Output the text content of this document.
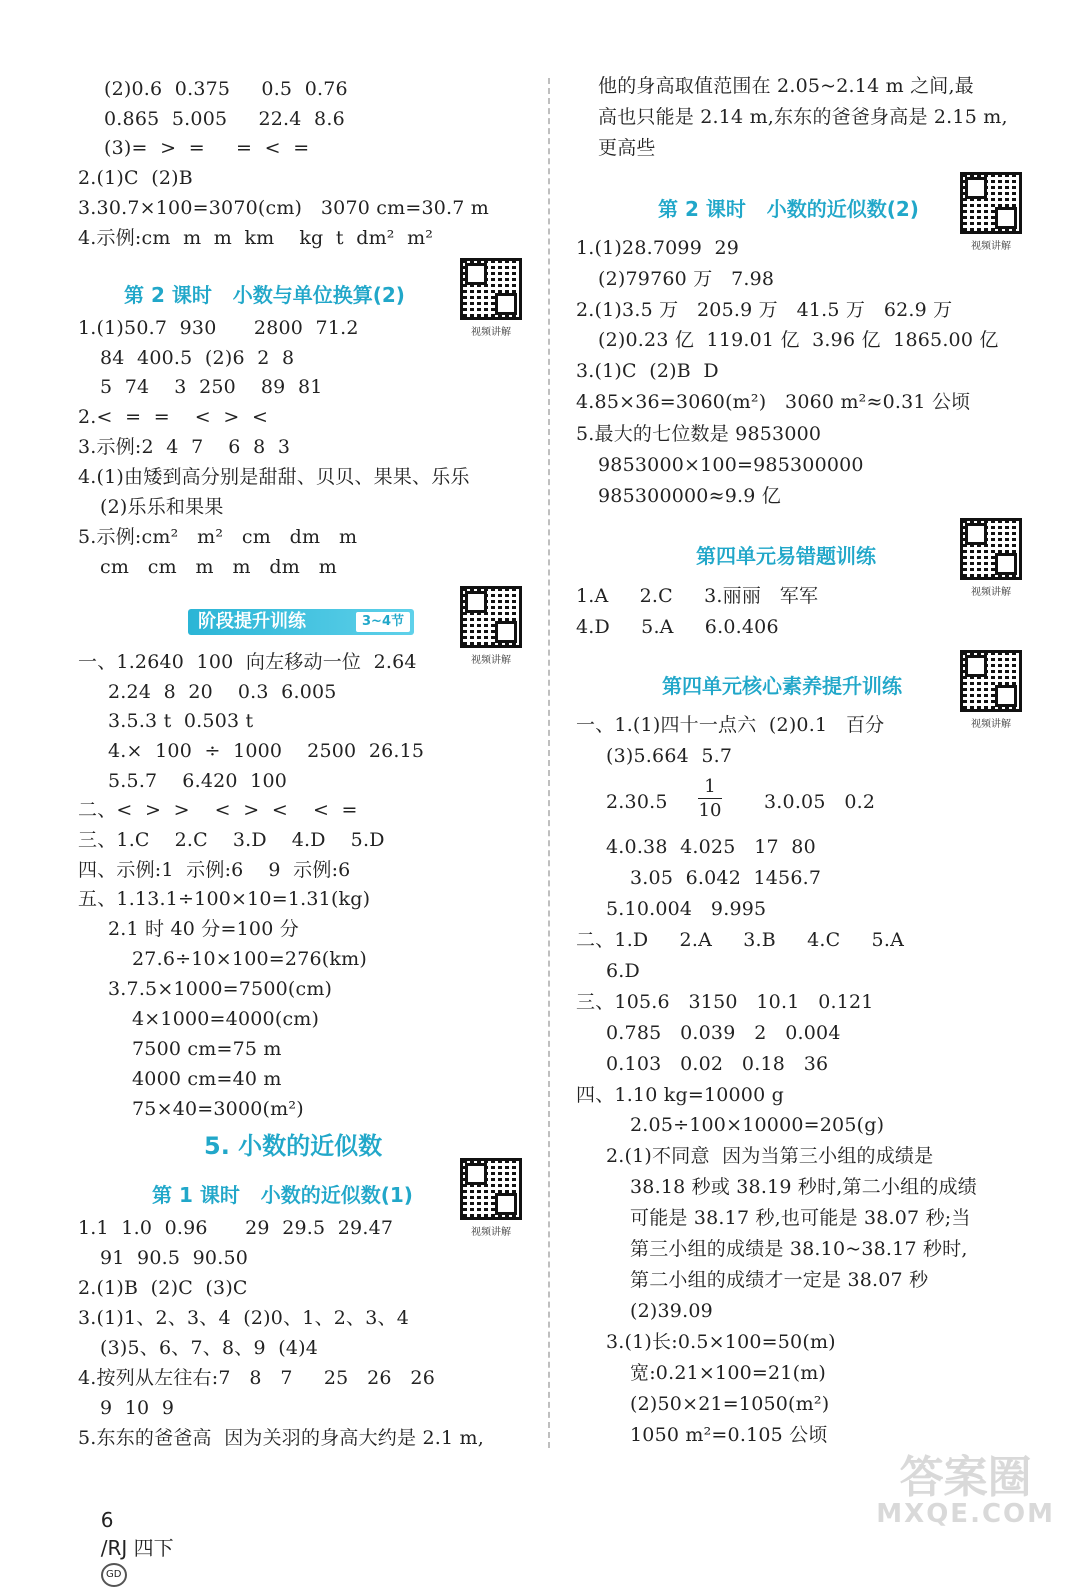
(2)0.6  0.375     0.5  0.76
0.865  5.005     22.4  8.6
(3)=  >  =     =  <  =
2.(1)C  (2)B
3.30.7×100=3070(cm)   3070 cm=30.7 m
4.示例:cm  m  m  km    kg  t  dm²  m²
第 2 课时   小数与单位换算(2)
视频讲解
1.(1)50.7  930      2800  71.2
84  400.5  (2)6  2  8
5  74    3  250    89  81
2.<  =  =    <  >  <
3.示例:2  4  7    6  8  3
4.(1)由矮到高分别是甜甜、贝贝、果果、乐乐
(2)乐乐和果果
5.示例:cm²   m²   cm   dm   m
cm   cm   m   m   dm   m
阶段提升训练	3~4节
视频讲解
一、1.2640  100  向左移动一位  2.64
2.24  8  20    0.3  6.005
3.5.3 t  0.503 t
4.×  100  ÷  1000    2500  26.15
5.5.7    6.420  100
二、<  >  >    <  >  <    <  =
三、1.C    2.C    3.D    4.D    5.D
四、示例:1  示例:6    9  示例:6
五、1.13.1÷100×10=1.31(kg)
2.1 时 40 分=100 分
27.6÷10×100=276(km)
3.7.5×1000=7500(cm)
4×1000=4000(cm)
7500 cm=75 m
4000 cm=40 m
75×40=3000(m²)
5. 小数的近似数
第 1 课时   小数的近似数(1)
视频讲解
1.1  1.0  0.96      29  29.5  29.47
91  90.5  90.50
2.(1)B  (2)C  (3)C
3.(1)1、2、3、4  (2)0、1、2、3、4
(3)5、6、7、8、9  (4)4
4.按列从左往右:7   8   7     25   26   26
9  10  9
5.东东的爸爸高  因为关羽的身高大约是 2.1 m,
他的身高取值范围在 2.05~2.14 m 之间,最
高也只能是 2.14 m,东东的爸爸身高是 2.15 m,
更高些
第 2 课时   小数的近似数(2)
视频讲解
1.(1)28.7099  29
(2)79760 万   7.98
2.(1)3.5 万   205.9 万   41.5 万   62.9 万
(2)0.23 亿  119.01 亿  3.96 亿  1865.00 亿
3.(1)C  (2)B  D
4.85×36=3060(m²)   3060 m²≈0.31 公顷
5.最大的七位数是 9853000
9853000×100=985300000
985300000≈9.9 亿
第四单元易错题训练
视频讲解
1.A     2.C     3.丽丽   军军
4.D     5.A     6.0.406
第四单元核心素养提升训练
视频讲解
一、1.(1)四十一点六  (2)0.1   百分
(3)5.664  5.7
2.30.5
1
10 3.0.05   0.2
4.0.38  4.025   17  80
3.05  6.042  1456.7
5.10.004   9.995
二、1.D     2.A     3.B     4.C     5.A
6.D
三、105.6   3150   10.1   0.121
0.785   0.039   2   0.004
0.103   0.02   0.18   36
四、1.10 kg=10000 g
2.05÷100×10000=205(g)
2.(1)不同意  因为当第三小组的成绩是
38.18 秒或 38.19 秒时,第二小组的成绩
可能是 38.17 秒,也可能是 38.07 秒;当
第三小组的成绩是 38.10~38.17 秒时,
第二小组的成绩才一定是 38.07 秒
(2)39.09
3.(1)长:0.5×100=50(m)
宽:0.21×100=21(m)
(2)50×21=1050(m²)
1050 m²=0.105 公顷

6
/RJ 四下
GD

答案圈
MXQE.COM
